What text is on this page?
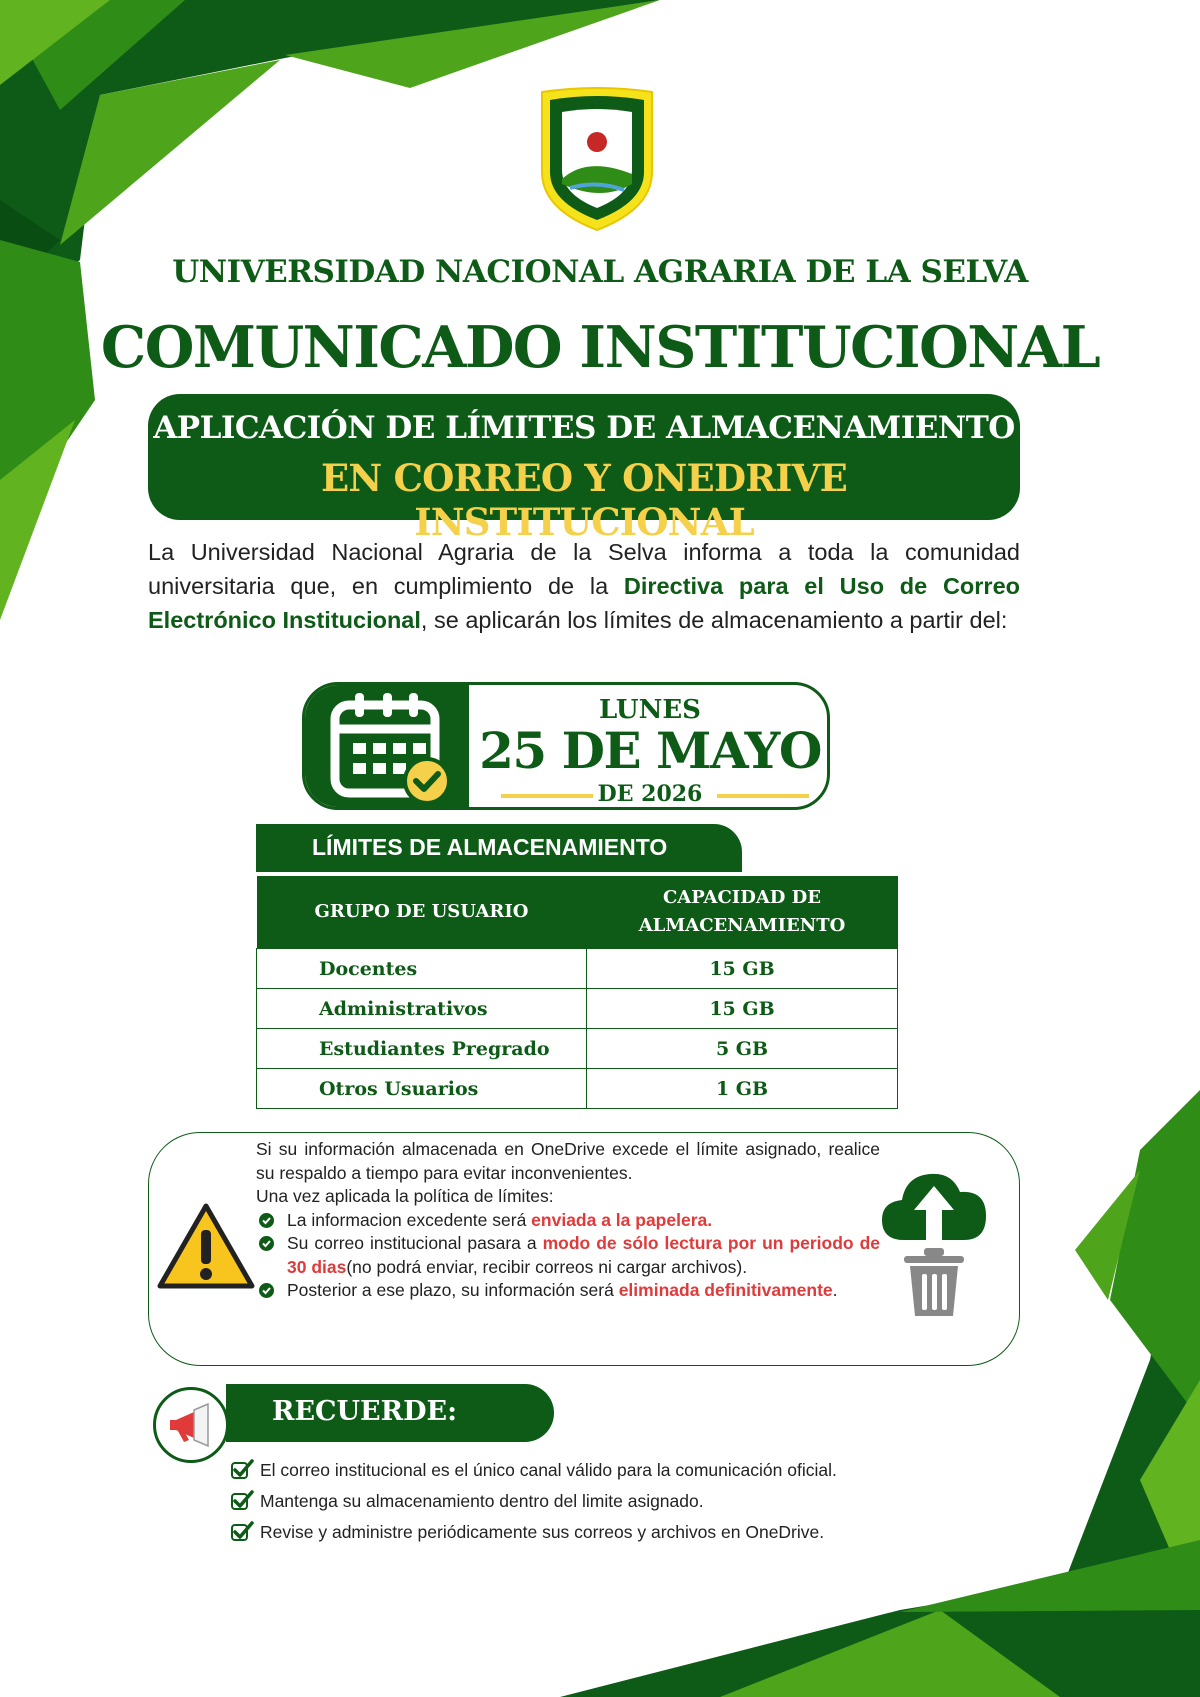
UNIVERSIDAD NACIONAL AGRARIA DE LA SELVA
COMUNICADO INSTITUCIONAL
APLICACIÓN DE LÍMITES DE ALMACENAMIENTO
EN CORREO Y ONEDRIVE INSTITUCIONAL
La Universidad Nacional Agraria de la Selva informa a toda la comunidad universitaria que, en cumplimiento de la Directiva para el Uso de Correo Electrónico Institucional, se aplicarán los límites de almacenamiento a partir del:
LUNES
25 DE MAYO
DE 2026
LÍMITES DE ALMACENAMIENTO
GRUPO DE USUARIO	CAPACIDAD DE
ALMACENAMIENTO
Docentes	15 GB
Administrativos	15 GB
Estudiantes Pregrado	5 GB
Otros Usuarios	1 GB

Si su información almacenada en OneDrive excede el límite asignado, realice su respaldo a tiempo para evitar inconvenientes.

Una vez aplicada la política de límites:

La informacion excedente será enviada a la papelera.
Su correo institucional pasara a modo de sólo lectura por un periodo de 30 dias(no podrá enviar, recibir correos ni cargar archivos).
Posterior a ese plazo, su información será eliminada definitivamente.
RECUERDE:
El correo institucional es el único canal válido para la comunicación oficial.
Mantenga su almacenamiento dentro del limite asignado.
Revise y administre periódicamente sus correos y archivos en OneDrive.
